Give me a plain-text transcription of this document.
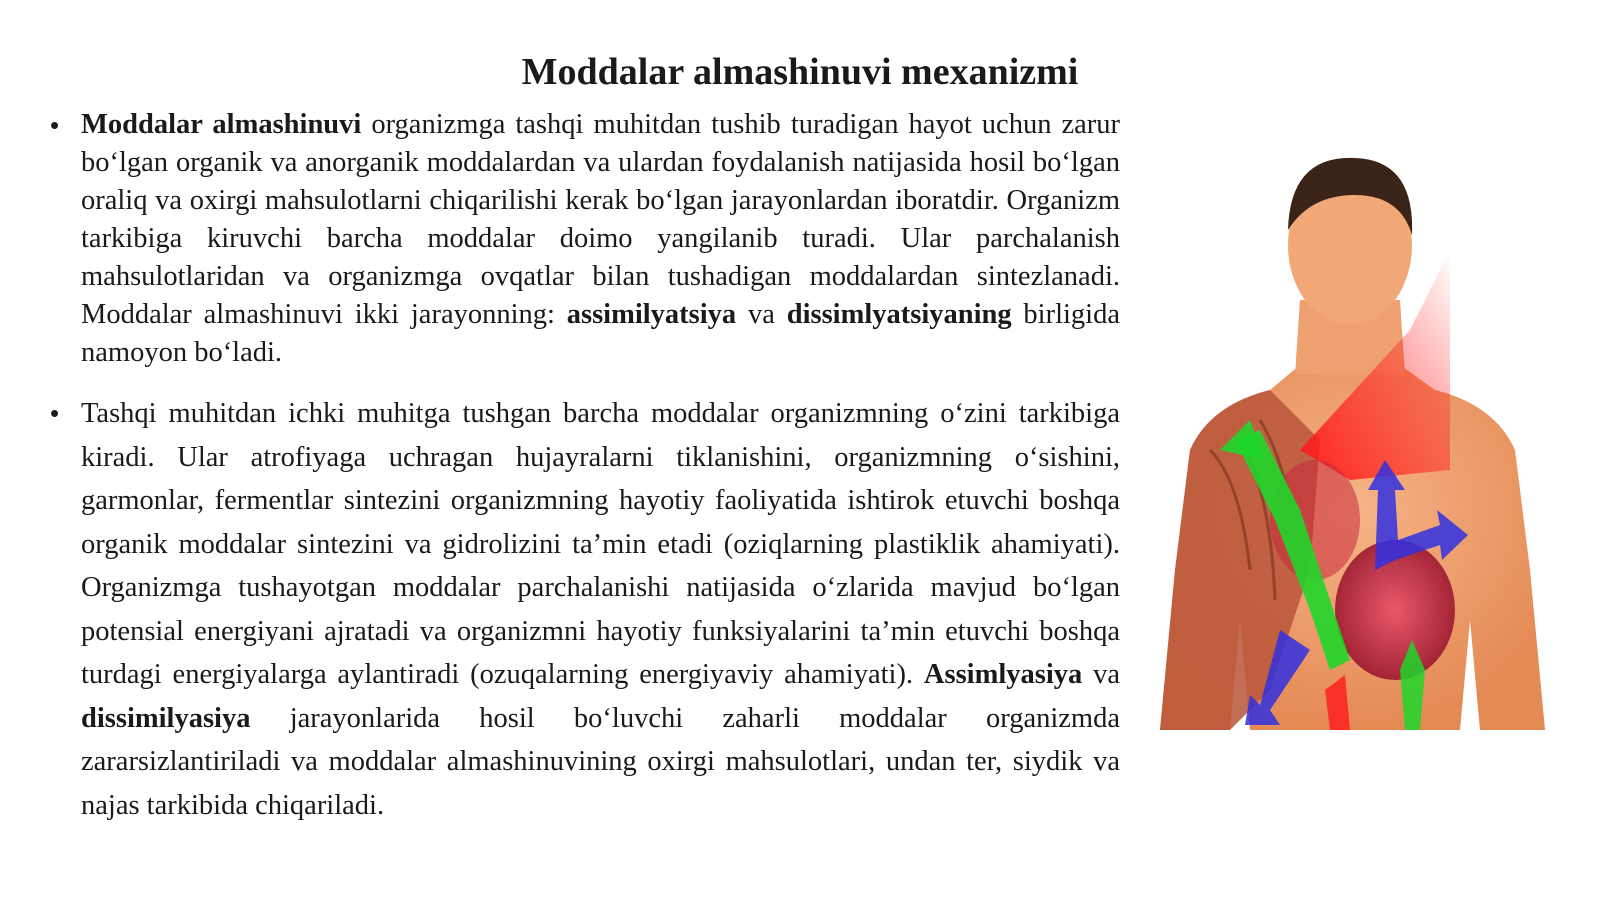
Moddalar almashinuvi mexanizmi
• Moddalar almashinuvi organizmga tashqi muhitdan tushib turadigan hayot uchun zarur bo‘lgan organik va anorganik moddalardan va ulardan foydalanish natijasida hosil bo‘lgan oraliq va oxirgi mahsulotlarni chiqarilishi kerak bo‘lgan jarayonlardan iboratdir. Organizm tarkibiga kiruvchi barcha moddalar doimo yangilanib turadi. Ular parchalanish mahsulotlaridan va organizmga ovqatlar bilan tushadigan moddalardan sintezlanadi. Moddalar almashinuvi ikki jarayonning: assimilyatsiya va dissimlyatsiyaning birligida namoyon bo‘ladi.
• Tashqi muhitdan ichki muhitga tushgan barcha moddalar organizmning o‘zini tarkibiga kiradi. Ular atrofiyaga uchragan hujayralarni tiklanishini, organizmning o‘sishini, garmonlar, fermentlar sintezini organizmning hayotiy faoliyatida ishtirok etuvchi boshqa organik moddalar sintezini va gidrolizini ta’min etadi (oziqlarning plastiklik ahamiyati). Organizmga tushayotgan moddalar parchalanishi natijasida o‘zlarida mavjud bo‘lgan potensial energiyani ajratadi va organizmni hayotiy funksiyalarini ta’min etuvchi boshqa turdagi energiyalarga aylantiradi (ozuqalarning energiyaviy ahamiyati). Assimlyasiya va dissimilyasiya jarayonlarida hosil bo‘luvchi zaharli moddalar organizmda zararsizlantiriladi va moddalar almashinuvining oxirgi mahsulotlari, undan ter, siydik va najas tarkibida chiqariladi.
